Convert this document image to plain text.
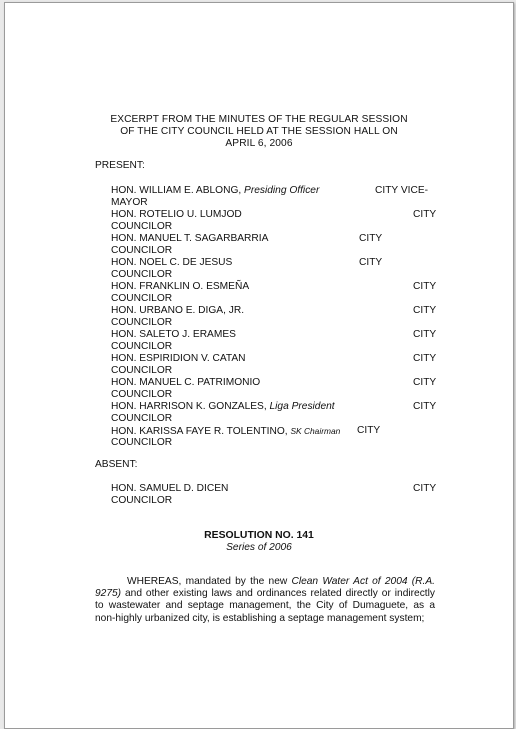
EXCERPT FROM THE MINUTES OF THE REGULAR SESSION
OF THE CITY COUNCIL HELD AT THE SESSION HALL ON
APRIL 6, 2006
PRESENT:
HON. WILLIAM E. ABLONG, Presiding Officer	CITY VICE-
MAYOR
HON. ROTELIO U. LUMJOD	CITY
COUNCILOR
HON. MANUEL T. SAGARBARRIA	CITY
COUNCILOR
HON. NOEL C. DE JESUS	CITY
COUNCILOR
HON. FRANKLIN O. ESMEÑA	CITY
COUNCILOR
HON. URBANO E. DIGA, JR.	CITY
COUNCILOR
HON. SALETO J. ERAMES	CITY
COUNCILOR
HON. ESPIRIDION V. CATAN	CITY
COUNCILOR
HON. MANUEL C. PATRIMONIO	CITY
COUNCILOR
HON. HARRISON K. GONZALES, Liga President	CITY
COUNCILOR
HON. KARISSA FAYE R. TOLENTINO, SK Chairman CITY
COUNCILOR
ABSENT:
HON. SAMUEL D. DICEN	CITY
COUNCILOR
RESOLUTION NO. 141
Series of 2006
WHEREAS, mandated by the new Clean Water Act of 2004 (R.A.
9275) and other existing laws and ordinances related directly or indirectly
to wastewater and septage management, the City of Dumaguete, as a
non-highly urbanized city, is establishing a septage management system;
